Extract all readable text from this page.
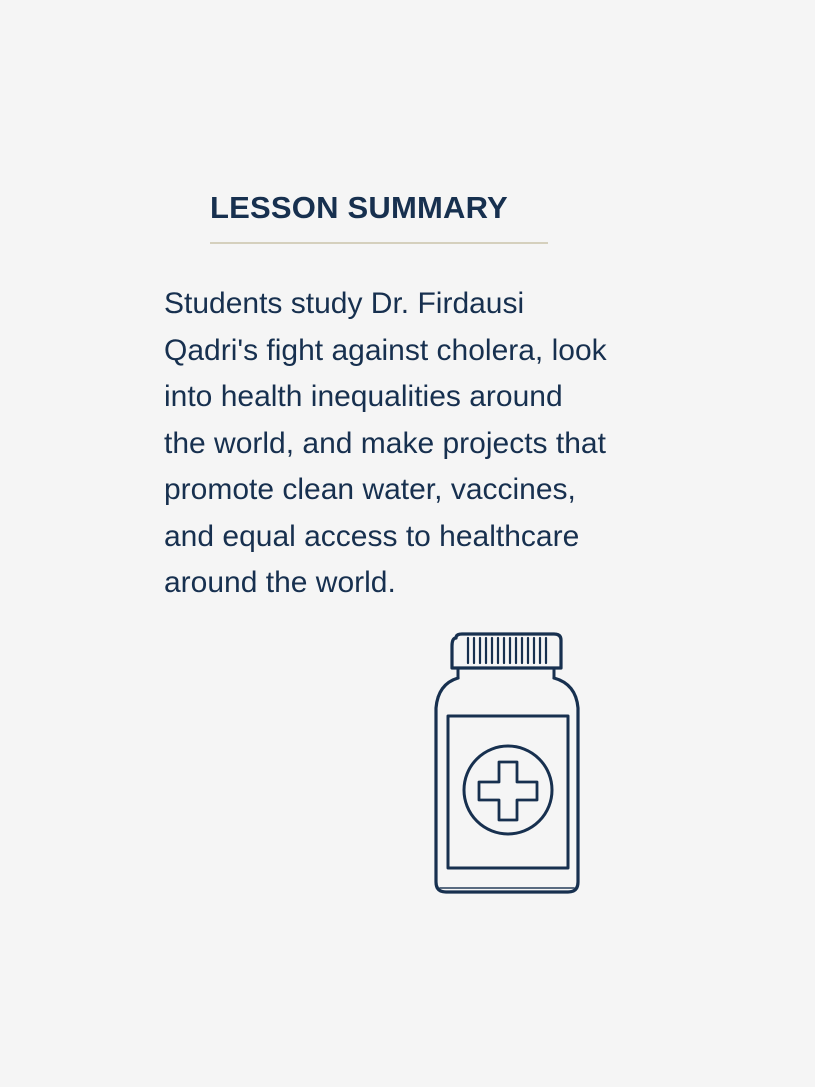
LESSON SUMMARY

Students study Dr. Firdausi
Qadri's fight against cholera, look
into health inequalities around
the world, and make projects that
promote clean water, vaccines,
and equal access to healthcare
around the world.
